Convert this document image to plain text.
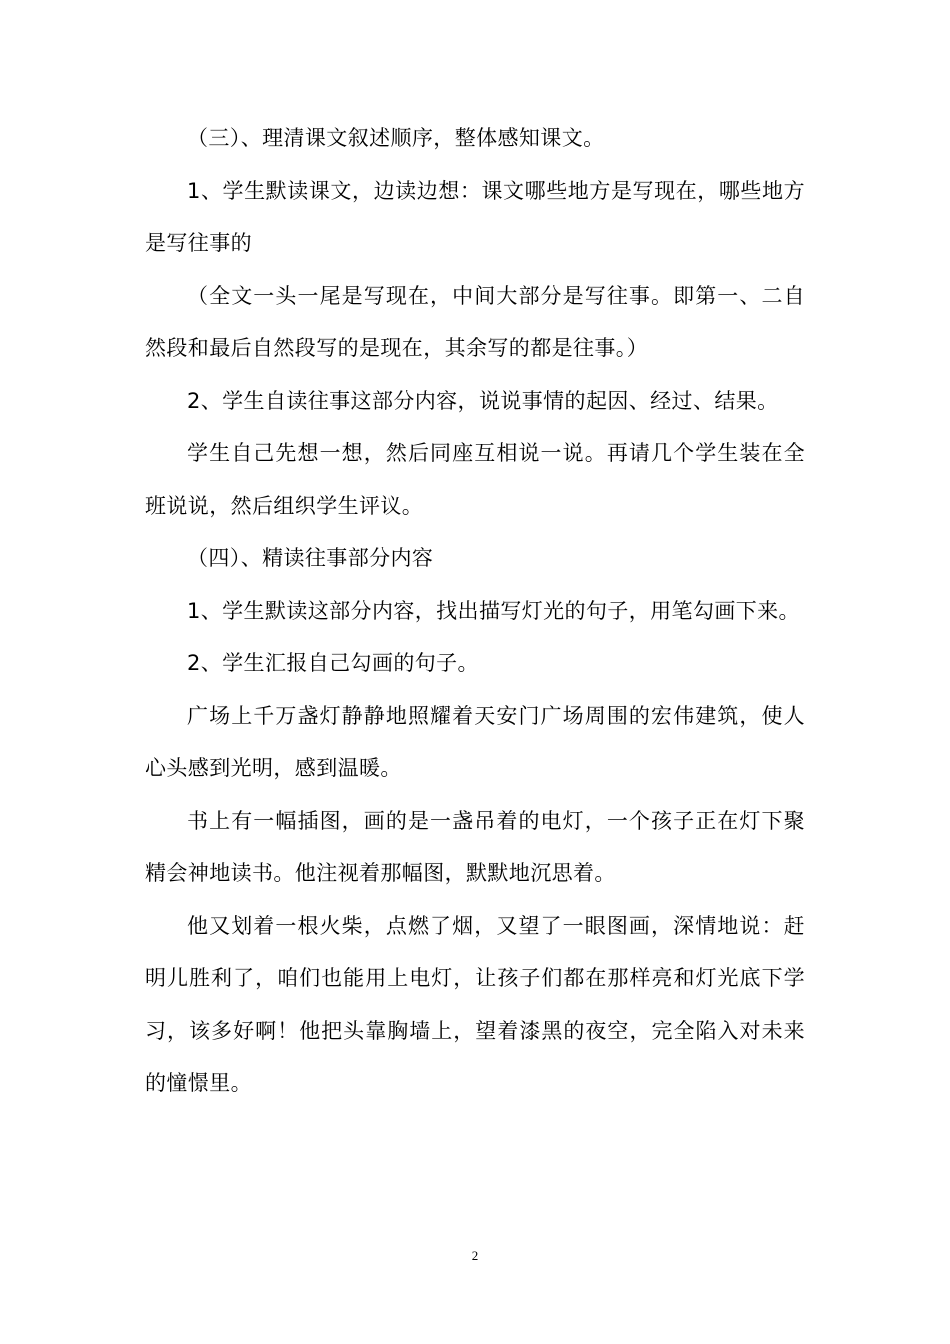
（三）、理清课文叙述顺序，整体感知课文。

1、学生默读课文，边读边想：课文哪些地方是写现在，哪些地方是写往事的

（全文一头一尾是写现在，中间大部分是写往事。即第一、二自然段和最后自然段写的是现在，其余写的都是往事。）

2、学生自读往事这部分内容，说说事情的起因、经过、结果。

学生自己先想一想，然后同座互相说一说。再请几个学生装在全班说说，然后组织学生评议。

（四）、精读往事部分内容

1、学生默读这部分内容，找出描写灯光的句子，用笔勾画下来。

2、学生汇报自己勾画的句子。

广场上千万盏灯静静地照耀着天安门广场周围的宏伟建筑，使人心头感到光明，感到温暖。

书上有一幅插图，画的是一盏吊着的电灯，一个孩子正在灯下聚精会神地读书。他注视着那幅图，默默地沉思着。

他又划着一根火柴，点燃了烟，又望了一眼图画，深情地说：赶明儿胜利了，咱们也能用上电灯，让孩子们都在那样亮和灯光底下学习，该多好啊！他把头靠胸墙上，望着漆黑的夜空，完全陷入对未来的憧憬里。

2
